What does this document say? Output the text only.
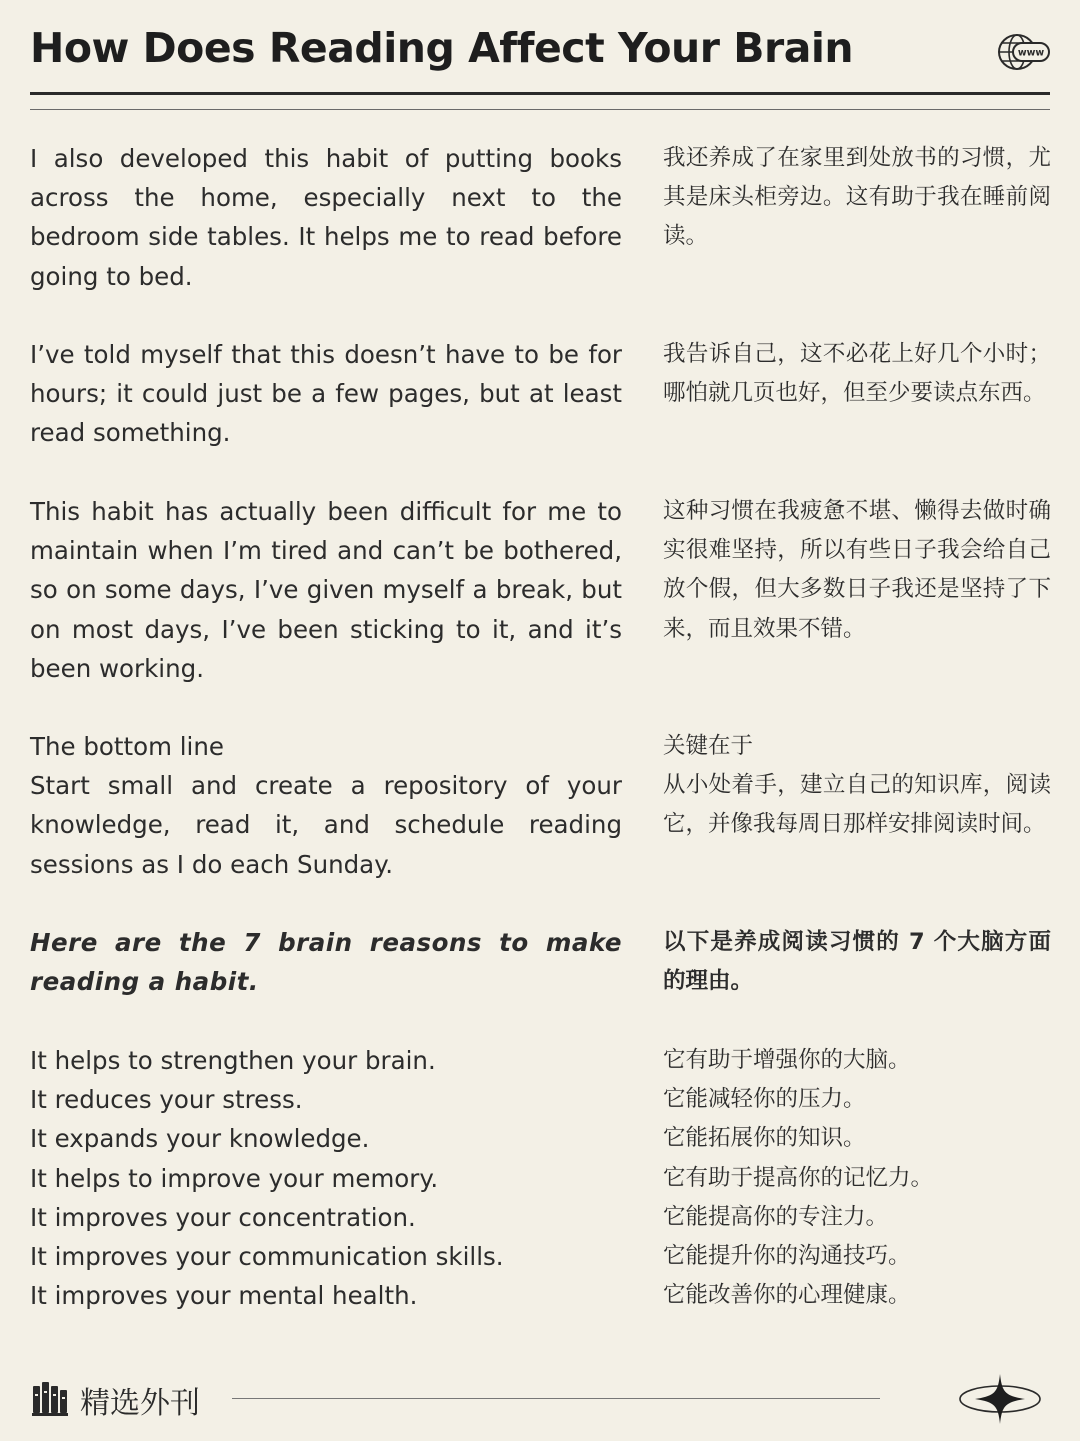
How Does Reading Affect Your Brain	www

I also developed this habit of putting books across the home, especially next to the bedroom side tables. It helps me to read before going to bed.

我还养成了在家里到处放书的习惯，尤其是床头柜旁边。这有助于我在睡前阅读。

I’ve told myself that this doesn’t have to be for hours; it could just be a few pages, but at least read something.

我告诉自己，这不必花上好几个小时；哪怕就几页也好，但至少要读点东西。

This habit has actually been difficult for me to maintain when I’m tired and can’t be bothered, so on some days, I’ve given myself a break, but on most days, I’ve been sticking to it, and it’s been working.

这种习惯在我疲惫不堪、懒得去做时确实很难坚持，所以有些日子我会给自己放个假，但大多数日子我还是坚持了下来，而且效果不错。

The bottom line
Start small and create a repository of your knowledge, read it, and schedule reading sessions as I do each Sunday.
关键在于
从小处着手，建立自己的知识库，阅读它，并像我每周日那样安排阅读时间。

Here are the 7 brain reasons to make reading a habit.

以下是养成阅读习惯的 7 个大脑方面的理由。

It helps to strengthen your brain.
It reduces your stress.
It expands your knowledge.
It helps to improve your memory.
It improves your concentration.
It improves your communication skills.
It improves your mental health.
它有助于增强你的大脑。
它能减轻你的压力。
它能拓展你的知识。
它有助于提高你的记忆力。
它能提高你的专注力。
它能提升你的沟通技巧。
它能改善你的心理健康。
精选外刊
